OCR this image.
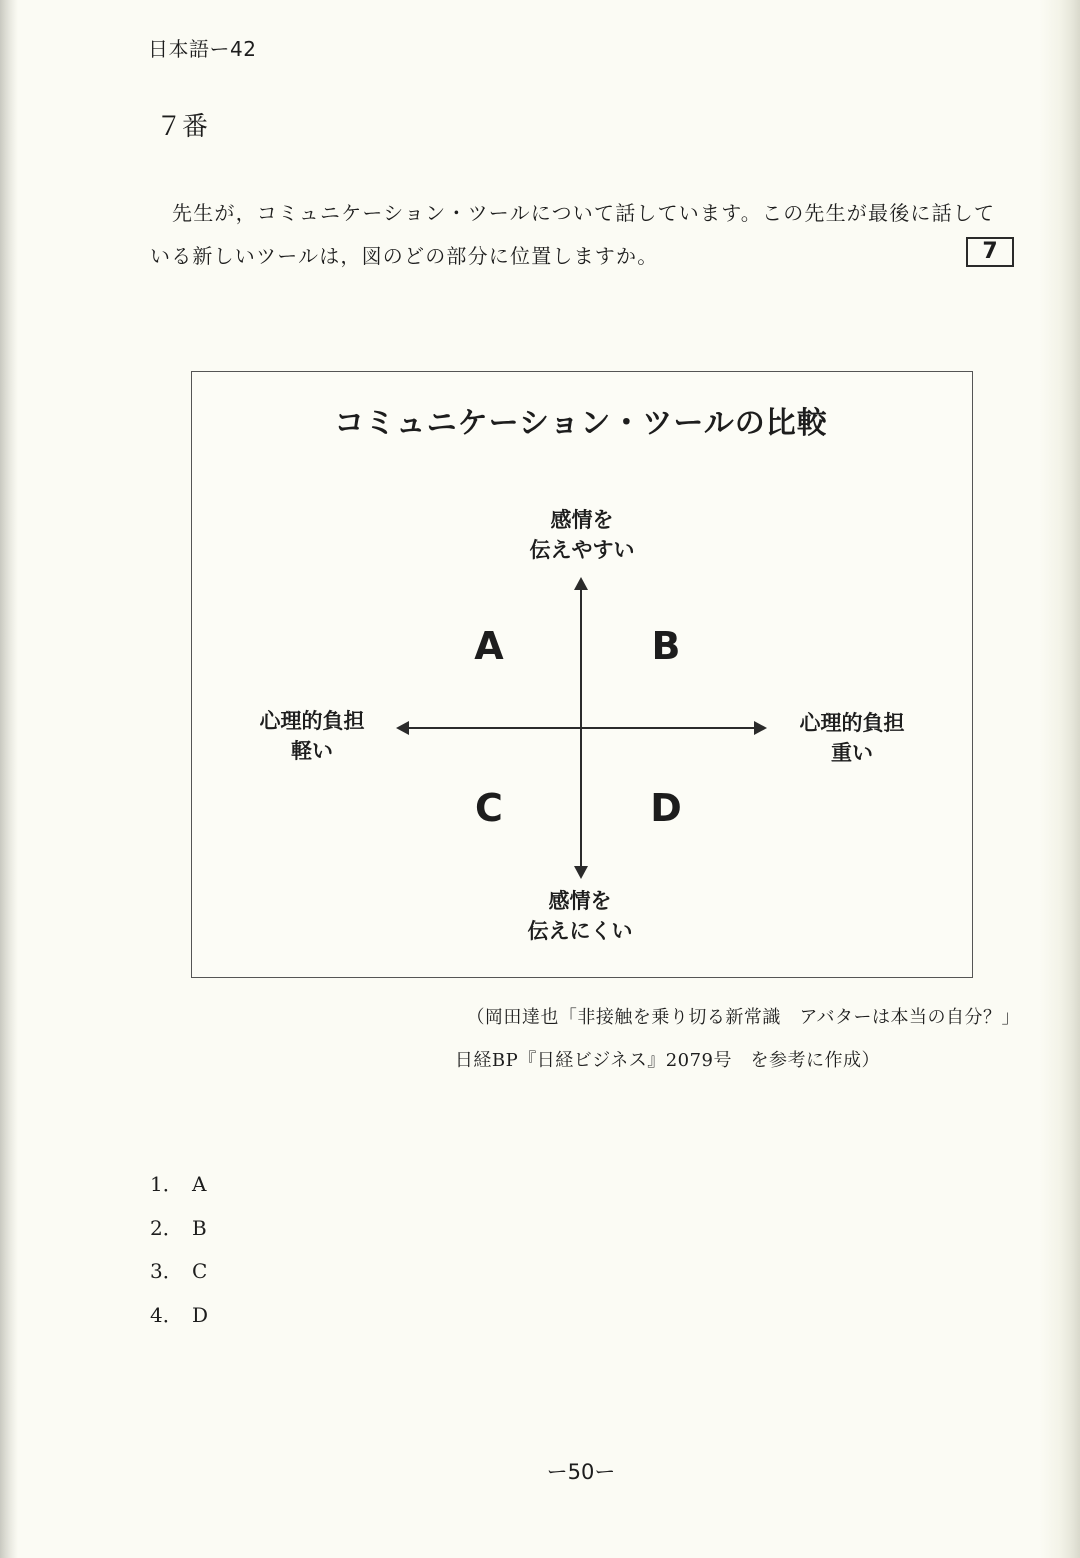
日本語ー42
７番
先生が，コミュニケーション・ツールについて話しています。この先生が最後に話して
いる新しいツールは，図のどの部分に位置しますか。	7
コミュニケーション・ツールの比較
感情を
伝えやすい
感情を
伝えにくい
心理的負担
軽い
心理的負担
重い
A	B
C	D
（岡田達也「非接触を乗り切る新常識　アバターは本当の自分？」
日経BP『日経ビジネス』2079号　を参考に作成）
1． A
2． B
3． C
4． D
ー50ー
